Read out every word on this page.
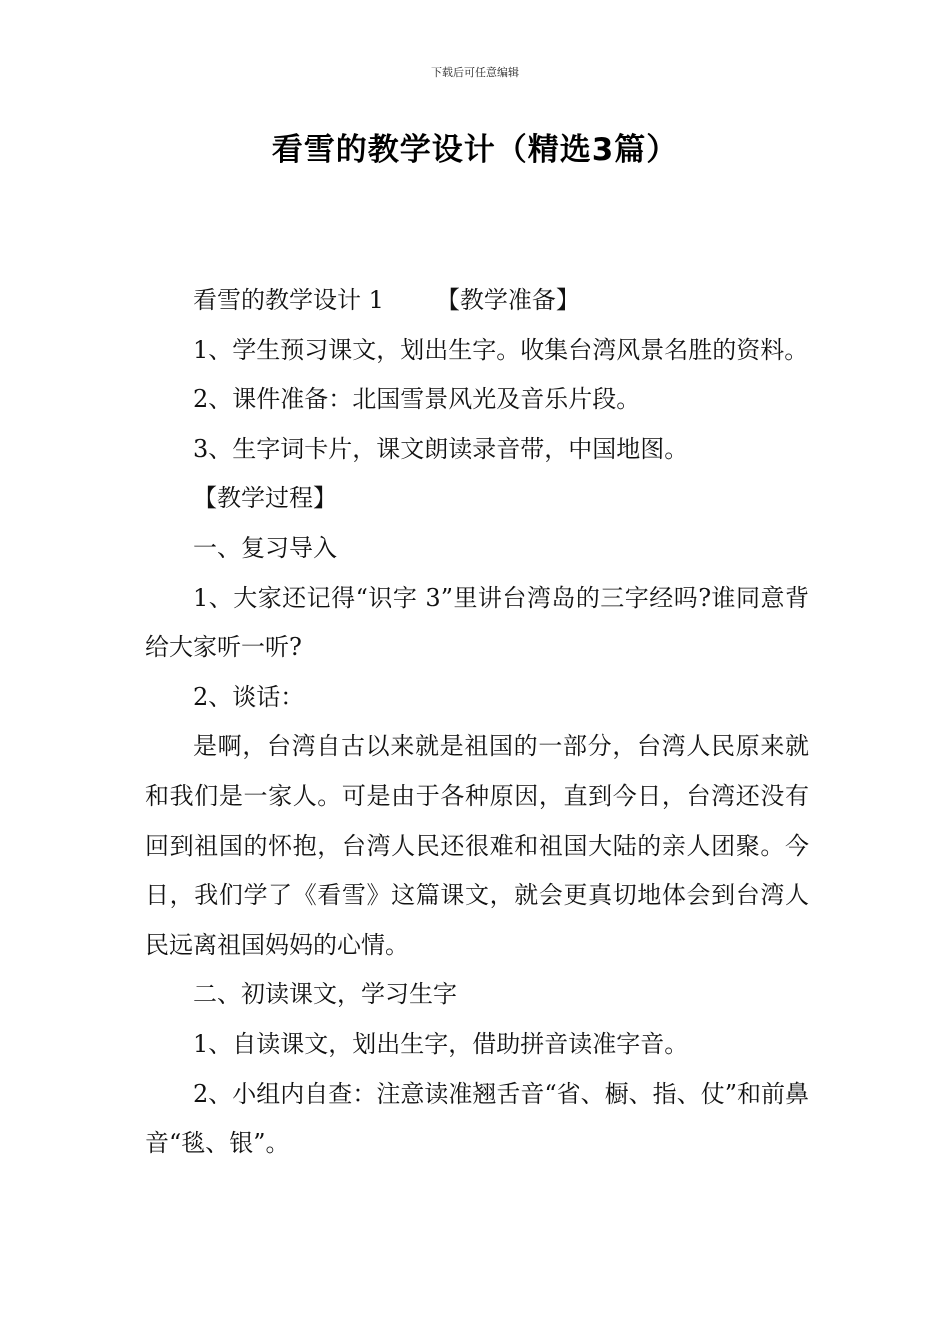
下载后可任意编辑
看雪的教学设计（精选3篇）

看雪的教学设计 1 【教学准备】

1、学生预习课文，划出生字。收集台湾风景名胜的资料。

2、课件准备：北国雪景风光及音乐片段。

3、生字词卡片，课文朗读录音带，中国地图。

【教学过程】

一、复习导入

1、大家还记得“识字 3”里讲台湾岛的三字经吗?谁同意背给大家听一听?

2、谈话：

是啊，台湾自古以来就是祖国的一部分，台湾人民原来就和我们是一家人。可是由于各种原因，直到今日，台湾还没有回到祖国的怀抱，台湾人民还很难和祖国大陆的亲人团聚。今日，我们学了《看雪》这篇课文，就会更真切地体会到台湾人民远离祖国妈妈的心情。

二、初读课文，学习生字

1、自读课文，划出生字，借助拼音读准字音。

2、小组内自查：注意读准翘舌音“省、橱、指、仗”和前鼻音“毯、银”。
